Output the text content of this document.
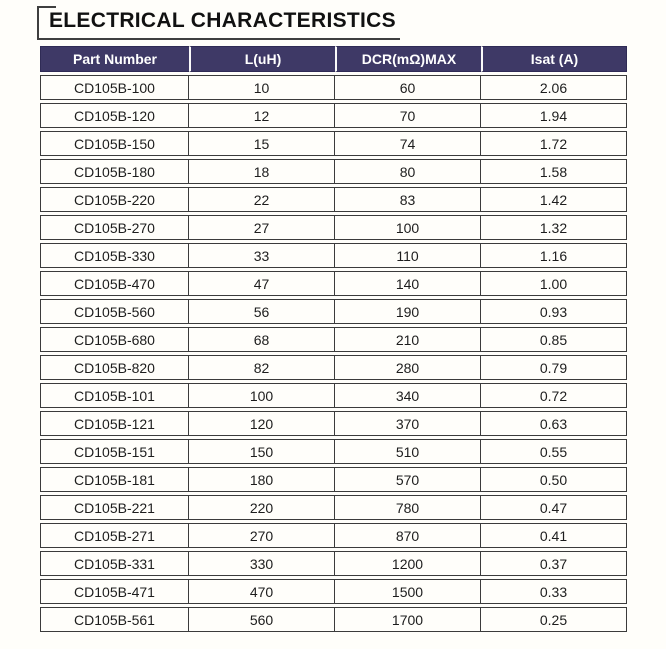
ELECTRICAL CHARACTERISTICS
Part Number	L(uH)	DCR(mΩ)MAX	Isat (A)
CD105B-100	10	60	2.06
CD105B-120	12	70	1.94
CD105B-150	15	74	1.72
CD105B-180	18	80	1.58
CD105B-220	22	83	1.42
CD105B-270	27	100	1.32
CD105B-330	33	110	1.16
CD105B-470	47	140	1.00
CD105B-560	56	190	0.93
CD105B-680	68	210	0.85
CD105B-820	82	280	0.79
CD105B-101	100	340	0.72
CD105B-121	120	370	0.63
CD105B-151	150	510	0.55
CD105B-181	180	570	0.50
CD105B-221	220	780	0.47
CD105B-271	270	870	0.41
CD105B-331	330	1200	0.37
CD105B-471	470	1500	0.33
CD105B-561	560	1700	0.25
